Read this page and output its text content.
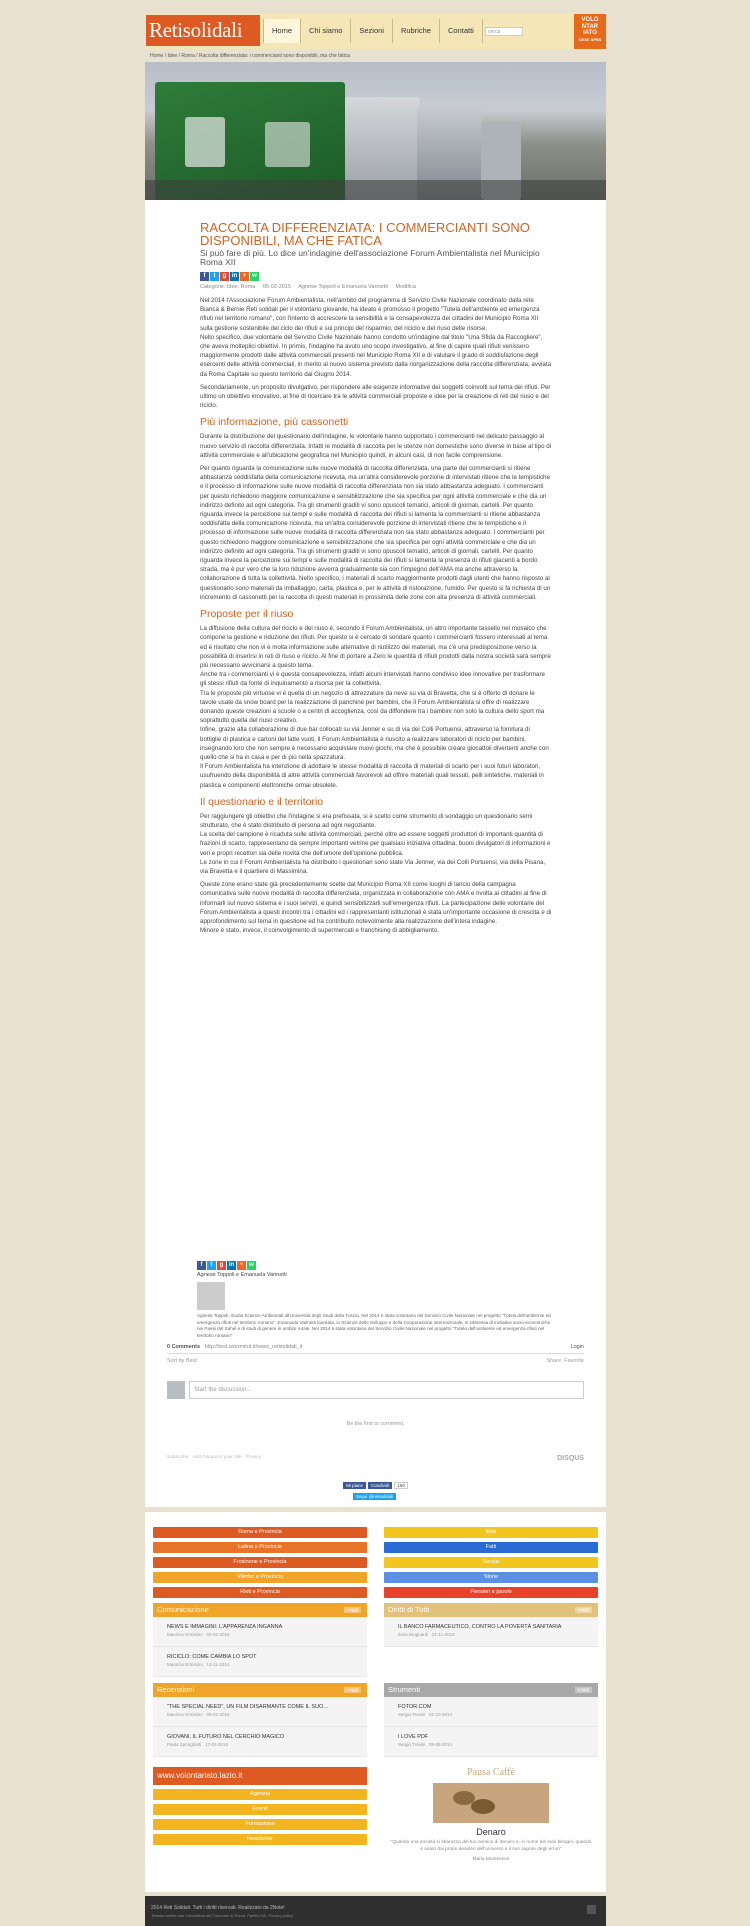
Retisolidali	Home	Chi siamo	Sezioni	Rubriche	Contatti	cerca
VOLO
NTAR
IATO
CESV SPES
Home / Idee / Roma / Raccolta differenziata: i commercianti sono disponibili, ma che fatica
RACCOLTA DIFFERENZIATA: I COMMERCIANTI SONO DISPONIBILI, MA CHE FATICA
Si può fare di più. Lo dice un'indagine dell'associazione Forum Ambientalista nel Municipio Roma XII
f	t	g in + w
Categorie: Idee, Roma 05-02-2015 Agnese Toppoli e Emanuela Varinetti Modifica

Nel 2014 l'Associazione Forum Ambientalista, nell'ambito del programma di Servizio Civile Nazionale coordinato dalla rete Bianca & Bernie Reti solidali per il volontario giovanile, ha ideato e promosso il progetto "Tutela dell'ambiente ed emergenza rifiuti nel territorio romano", con l'intento di accrescere la sensibilità e la consapevolezza dei cittadini del Municipio Roma XII sulla gestione sostenibile del ciclo dei rifiuti e sui principi del risparmio, del riciclo e del riuso delle risorse.
Nello specifico, due volontarie del Servizio Civile Nazionale hanno condotto un'indagine dal titolo "Una Sfida da Raccogliere", che aveva molteplici obiettivi. In primis, l'indagine ha avuto uno scopo investigativo, al fine di capire quali rifiuti venissero maggiormente prodotti dalle attività commerciali presenti nel Municipio Roma XII e di valutare il grado di soddisfazione degli esercenti delle attività commerciali, in merito al nuovo sistema previsto dalla riorganizzazione della raccolta differenziata, avviata da Roma Capitale su questo territorio dal Giugno 2014.

Secondariamente, un proposito divulgativo, per rispondere alle esigenze informative dei soggetti coinvolti sul tema dei rifiuti. Per ultimo un obiettivo innovativo, al fine di ricercare tra le attività commerciali proposte e idee per la creazione di reti del riuso e del riciclo.

Più informazione, più cassonetti

Durante la distribuzione del questionario dell'indagine, le volontarie hanno supportato i commercianti nel delicato passaggio al nuovo servizio di raccolta differenziata. Infatti le modalità di raccolta per le utenze non domestiche sono diverse in base al tipo di attività commerciale e all'ubicazione geografica nel Municipio quindi, in alcuni casi, di non facile comprensione.

Per quanto riguarda la comunicazione sulle nuove modalità di raccolta differenziata, una parte dei commercianti si ritiene abbastanza soddisfatta della comunicazione ricevuta, ma un'altra considerevole porzione di intervistati ritiene che le tempistiche e il processo di informazione sulle nuove modalità di raccolta differenziata non sia stato abbastanza adeguato. I commercianti per questo richiedono maggiore comunicazione e sensibilizzazione che sia specifica per ogni attività commerciale e che dia un indirizzo definito ad ogni categoria. Tra gli strumenti graditi vi sono opuscoli tematici, articoli di giornali, cartelli. Per quanto riguarda invece la percezione sui tempi e sulle modalità di raccolta dei rifiuti si lamenta la commercianti si ritiene abbastanza soddisfatta della comunicazione ricevuta, ma un'altra considerevole porzione di intervistati ritiene che le tempistiche e il processo di informazione sulle nuove modalità di raccolta differenziata non sia stato abbastanza adeguato. I commercianti per questo richiedono maggiore comunicazione e sensibilizzazione che sia specifica per ogni attività commerciale e che dia un indirizzo definito ad ogni categoria. Tra gli strumenti graditi vi sono opuscoli tematici, articoli di giornali, cartelli. Per quanto riguarda invece la percezione sui tempi e sulle modalità di raccolta dei rifiuti si lamenta la presenza di rifiuti giacenti a bordo strada, ma è pur vero che la loro riduzione avverrà gradualmente sia con l'impegno dell'AMA ma anche attraverso la collaborazione di tutta la collettività. Nello specifico, i materiali di scarto maggiormente prodotti dagli utenti che hanno risposto al questionario sono materiali da imballaggio, carta, plastica e, per le attività di ristorazione, l'umido. Per questo si fa richiesta di un incremento di cassonetti per la raccolta di questi materiali in prossimità delle zone con alta presenza di attività commerciali.

Proposte per il riuso

La diffusione della cultura del riciclo e del riuso è, secondo il Forum Ambientalista, un altro importante tassello nel mosaico che compone la gestione e riduzione dei rifiuti. Per questo si è cercato di sondare quanto i commercianti fossero interessati al tema ed è risultato che non vi è molta informazione sulle alternative di riutilizzo dei materiali, ma c'è una predisposizione verso la possibilità di inserirsi in reti di riuso e riciclo. Al fine di portare a Zero le quantità di rifiuti prodotti dalla nostra società sarà sempre più necessario avvicinarsi a questo tema.
Anche tra i commercianti vi è questa consapevolezza, infatti alcuni intervistati hanno condiviso idee innovative per trasformare gli stessi rifiuti da fonte di inquinamento a risorsa per la collettività.
Tra le proposte più virtuose vi è quella di un negozio di attrezzature da neve su via di Bravetta, che si è offerto di donare le tavole usate da snow board per la realizzazione di panchine per bambini, che il Forum Ambientalista si offre di realizzare donando queste creazioni a scuole o a centri di accoglienza, così da diffondere tra i bambini non solo la cultura dello sport ma soprattutto quella del riuso creativo.
Infine, grazie alla collaborazione di due bar collocati su via Jenner e su di via dei Colli Portuensi, attraverso la fornitura di bottiglie di plastica e cartoni del latte vuoti, il Forum Ambientalista è riuscito a realizzare laboratori di riciclo per bambini, insegnando loro che non sempre è necessario acquistare nuovi giochi, ma che è possibile creare giocattoli divertenti anche con quello che si ha in casa e per di più nella spazzatura.
Il Forum Ambientalista ha intenzione di adottare le stesse modalità di raccolta di materiali di scarto per i suoi futuri laboratori, usufruendo della disponibilità di altre attività commerciali favorevoli ad offrire materiali quali tessuti, pelli sintetiche, materiali in plastica e componenti elettroniche ormai obsolete.

Il questionario e il territorio

Per raggiungere gli obiettivi che l'indagine si era prefissata, si è scelto come strumento di sondaggio un questionario semi strutturato, che è stato distribuito di persona ad ogni negoziante.
La scelta del campione è ricaduta sulle attività commerciali, perché oltre ad essere soggetti produttori di importanti quantità di frazioni di scarto, rappresentano da sempre importanti vetrine per qualsiasi iniziativa cittadina, buoni divulgatori di informazioni e veri e propri recettori sia delle novità che dell'umore dell'opinione pubblica.
Le zone in cui il Forum Ambientalista ha distribuito i questionari sono state Via Jenner, via dei Colli Portuensi, via della Pisana, via Bravetta e il quartiere di Massimina.

Queste zone erano state già precedentemente scelte dal Municipio Roma XII come luoghi di lancio della campagna comunicativa sulle nuove modalità di raccolta differenziata, organizzata in collaborazione con AMA e rivolta ai cittadini al fine di informarli sul nuovo sistema e i suoi servizi, e quindi sensibilizzarli sull'emergenza rifiuti. La partecipazione delle volontarie del Forum Ambientalista a questi incontri tra i cittadini ed i rappresentanti istituzionali è stata un'importante occasione di crescita e di approfondimento sul tema in questione ed ha contribuito notevolmente alla realizzazione dell'intera indagine.
Minore è stato, invece, il coinvolgimento di supermercati e franchising di abbigliamento.

f	t	g in + w
Agnese Toppoli e Emanuela Varinetti
Agnese Toppoli, studia Scienze Ambientali all'Università degli Studi della Tuscia. Nel 2014 è stata volontaria del Servizio Civile Nazionale nel progetto "Tutela dell'ambiente ed emergenza rifiuti nel territorio romano". Emanuela Varinetti laureata, in Scienze dello Sviluppo e della Cooperazione Internazionale, si interessa di iniziative socio-economiche nei Paesi del Sahel e di studi di genere in ambito rurale. Nel 2014 è stata volontaria del Servizio Civile Nazionale nel progetto "Tutela dell'ambiente ed emergenza rifiuti nel territorio romano"
0 Comments http://test.avermind.it/www_retisolidali_it	Login
Sort by Best	Share Favorite
Start the discussion...
Be the first to comment.
Subscribe Add Disqus to your site Privacy	DISQUS
Mi piace Condividi 150
Segui @retisolidali
Roma e Provincia
Latina e Provincia
Frosinone e Provincia
Viterbo e Provincia
Rieti e Provincia
Idee
Fatti
Servizi
Storie
Pensieri e parole
Comunicazione	Leggi
NEWS E IMMAGINI: L'APPARENZA INGANNA
Maurizio Ermisino 02-02-2015
RICICLO: COME CAMBIA LO SPOT
Maurizio Ermisino 13-11-2014
Diritti di Tutti	Leggi
IL BANCO FARMACEUTICO, CONTRO LA POVERTÀ SANITARIA
Ilaria Dioguardi 21-11-2014
Recensioni	Leggi
"THE SPECIAL NEED", UN FILM DISARMANTE COME IL SUO...
Maurizio Ermisino 09-02-2015
GIOVANI, IL FUTURO NEL CERCHIO MAGICO
Paola Springhetti 17-02-2015
Strumenti	Leggi
FOTOR.COM
Sergio Trevisi 02-10-2014
I LOVE PDF
Sergio Trevisi 08-09-2014
www.volontariato.lazio.it
Agenzia
Eventi
Formazione
Newsletter
Pausa Caffè
Denaro
"Quando una società si sbarazza del tuo nemico di denaro e, in nome dei suoi bisogni, quando è usato dai propri desideri dell'universo e il suo sapore degli errori"
Maria Montessori
2014 Reti Solidali. Tutti i diritti riservati. Realizzato da 2Note!
Testata iscritta alla Cancelleria del Tribunale di Roma. Partita IVA. Privacy policy
